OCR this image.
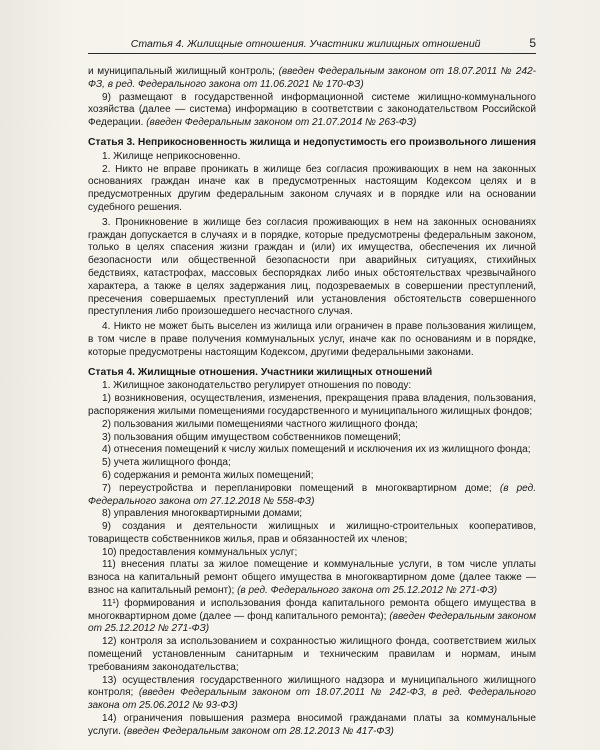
Статья 4. Жилищные отношения. Участники жилищных отношений	5

и муниципальный жилищный контроль; (введен Федеральным законом от 18.07.2011 № 242-ФЗ, в ред. Федерального закона от 11.06.2021 № 170-ФЗ)

9) размещают в государственной информационной системе жилищно-коммунального хозяйства (далее — система) информацию в соответствии с законодательством Российской Федерации. (введен Федеральным законом от 21.07.2014 № 263-ФЗ)

Статья 3. Неприкосновенность жилища и недопустимость его произвольного лишения

1. Жилище неприкосновенно.

2. Никто не вправе проникать в жилище без согласия проживающих в нем на законных основаниях граждан иначе как в предусмотренных настоящим Кодексом целях и в предусмотренных другим федеральным законом случаях и в порядке или на основании судебного решения.

3. Проникновение в жилище без согласия проживающих в нем на законных основаниях граждан допускается в случаях и в порядке, которые предусмотрены федеральным законом, только в целях спасения жизни граждан и (или) их имущества, обеспечения их личной безопасности или общественной безопасности при аварийных ситуациях, стихийных бедствиях, катастрофах, массовых беспорядках либо иных обстоятельствах чрезвычайного характера, а также в целях задержания лиц, подозреваемых в совершении преступлений, пресечения совершаемых преступлений или установления обстоятельств совершенного преступления либо произошедшего несчастного случая.

4. Никто не может быть выселен из жилища или ограничен в праве пользования жилищем, в том числе в праве получения коммунальных услуг, иначе как по основаниям и в порядке, которые предусмотрены настоящим Кодексом, другими федеральными законами.

Статья 4. Жилищные отношения. Участники жилищных отношений

1. Жилищное законодательство регулирует отношения по поводу:

1) возникновения, осуществления, изменения, прекращения права владения, пользования, распоряжения жилыми помещениями государственного и муниципального жилищных фондов;

2) пользования жилыми помещениями частного жилищного фонда;

3) пользования общим имуществом собственников помещений;

4) отнесения помещений к числу жилых помещений и исключения их из жилищного фонда;

5) учета жилищного фонда;

6) содержания и ремонта жилых помещений;

7) переустройства и перепланировки помещений в многоквартирном доме; (в ред. Федерального закона от 27.12.2018 № 558-ФЗ)

8) управления многоквартирными домами;

9) создания и деятельности жилищных и жилищно-строительных кооперативов, товариществ собственников жилья, прав и обязанностей их членов;

10) предоставления коммунальных услуг;

11) внесения платы за жилое помещение и коммунальные услуги, в том числе уплаты взноса на капитальный ремонт общего имущества в многоквартирном доме (далее также — взнос на капитальный ремонт); (в ред. Федерального закона от 25.12.2012 № 271-ФЗ)

11¹) формирования и использования фонда капитального ремонта общего имущества в многоквартирном доме (далее — фонд капитального ремонта); (введен Федеральным законом от 25.12.2012 № 271-ФЗ)

12) контроля за использованием и сохранностью жилищного фонда, соответствием жилых помещений установленным санитарным и техническим правилам и нормам, иным требованиям законодательства;

13) осуществления государственного жилищного надзора и муниципального жилищного контроля; (введен Федеральным законом от 18.07.2011 № 242-ФЗ, в ред. Федерального закона от 25.06.2012 № 93-ФЗ)

14) ограничения повышения размера вносимой гражданами платы за коммунальные услуги. (введен Федеральным законом от 28.12.2013 № 417-ФЗ)
